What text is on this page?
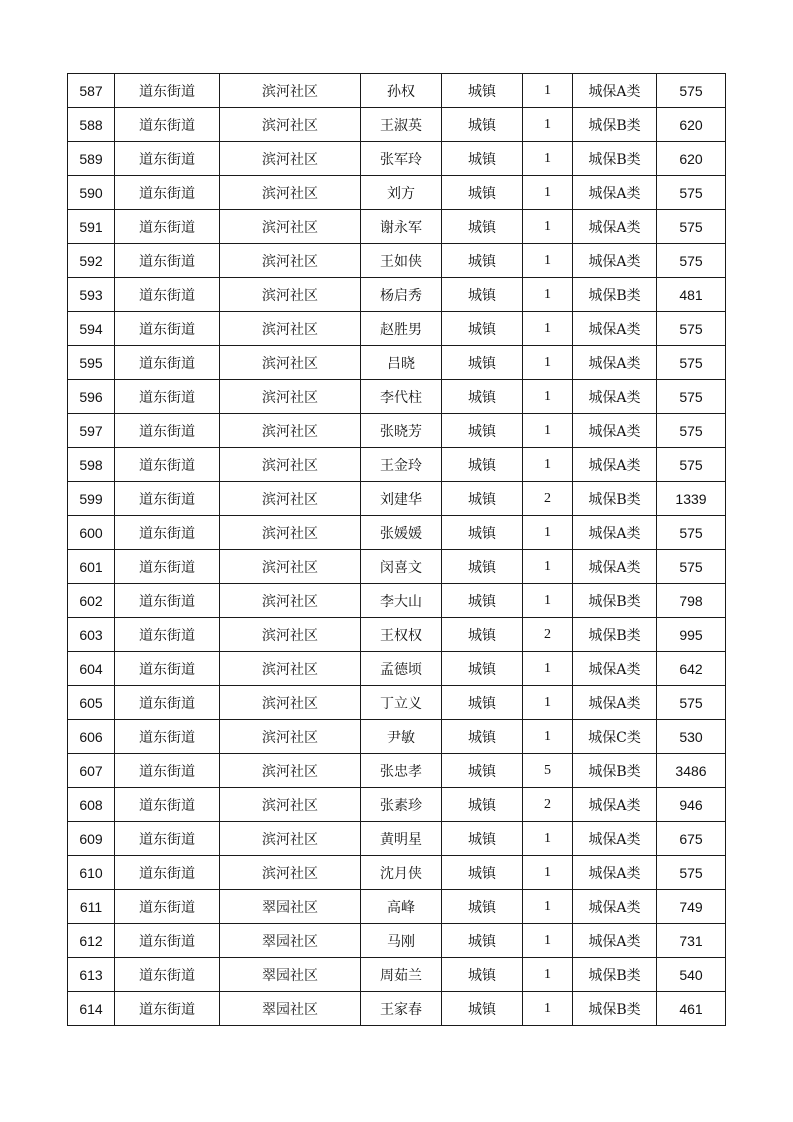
587	道东街道	滨河社区	孙权	城镇	1	城保A类	575
588	道东街道	滨河社区	王淑英	城镇	1	城保B类	620
589	道东街道	滨河社区	张军玲	城镇	1	城保B类	620
590	道东街道	滨河社区	刘方	城镇	1	城保A类	575
591	道东街道	滨河社区	谢永军	城镇	1	城保A类	575
592	道东街道	滨河社区	王如侠	城镇	1	城保A类	575
593	道东街道	滨河社区	杨启秀	城镇	1	城保B类	481
594	道东街道	滨河社区	赵胜男	城镇	1	城保A类	575
595	道东街道	滨河社区	吕晓	城镇	1	城保A类	575
596	道东街道	滨河社区	李代柱	城镇	1	城保A类	575
597	道东街道	滨河社区	张晓芳	城镇	1	城保A类	575
598	道东街道	滨河社区	王金玲	城镇	1	城保A类	575
599	道东街道	滨河社区	刘建华	城镇	2	城保B类	1339
600	道东街道	滨河社区	张媛媛	城镇	1	城保A类	575
601	道东街道	滨河社区	闵喜文	城镇	1	城保A类	575
602	道东街道	滨河社区	李大山	城镇	1	城保B类	798
603	道东街道	滨河社区	王权权	城镇	2	城保B类	995
604	道东街道	滨河社区	孟德顷	城镇	1	城保A类	642
605	道东街道	滨河社区	丁立义	城镇	1	城保A类	575
606	道东街道	滨河社区	尹敏	城镇	1	城保C类	530
607	道东街道	滨河社区	张忠孝	城镇	5	城保B类	3486
608	道东街道	滨河社区	张素珍	城镇	2	城保A类	946
609	道东街道	滨河社区	黄明星	城镇	1	城保A类	675
610	道东街道	滨河社区	沈月侠	城镇	1	城保A类	575
611	道东街道	翠园社区	高峰	城镇	1	城保A类	749
612	道东街道	翠园社区	马刚	城镇	1	城保A类	731
613	道东街道	翠园社区	周茹兰	城镇	1	城保B类	540
614	道东街道	翠园社区	王家春	城镇	1	城保B类	461
